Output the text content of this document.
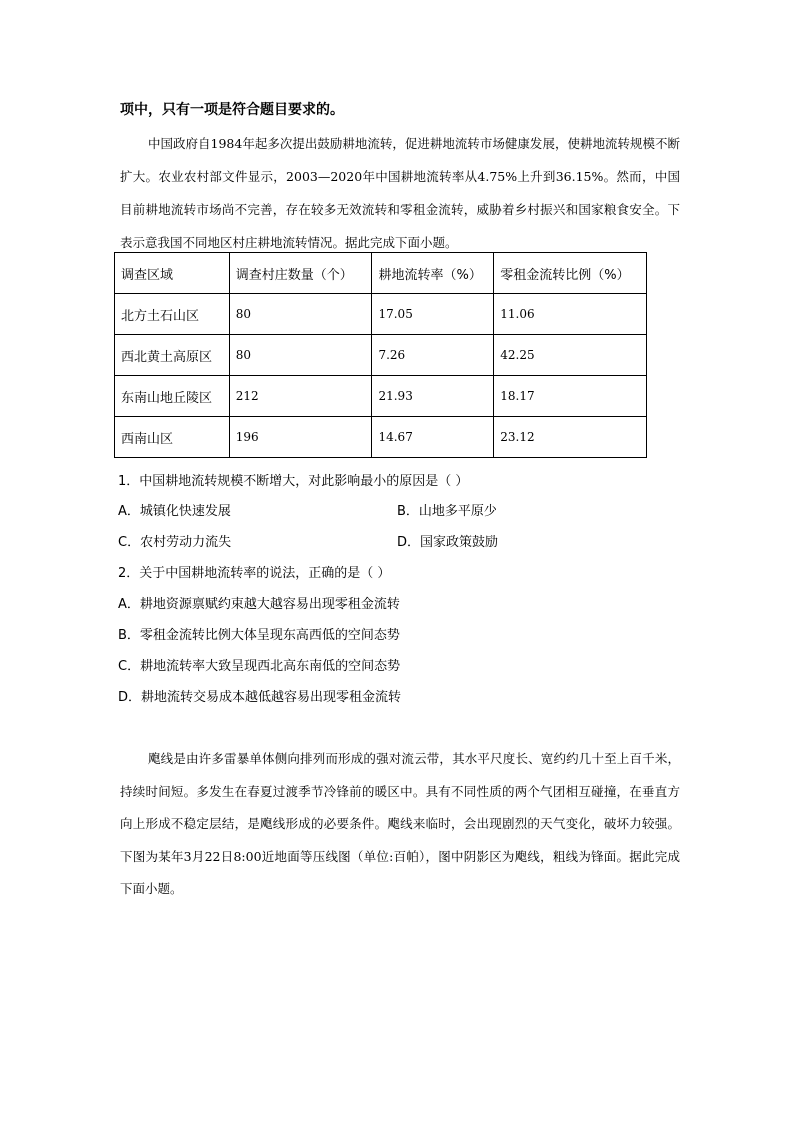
项中，只有一项是符合题目要求的。
中国政府自1984年起多次提出鼓励耕地流转，促进耕地流转市场健康发展，使耕地流转规模不断扩大。农业农村部文件显示，2003—2020年中国耕地流转率从4.75%上升到36.15%。然而，中国目前耕地流转市场尚不完善，存在较多无效流转和零租金流转，威胁着乡村振兴和国家粮食安全。下表示意我国不同地区村庄耕地流转情况。据此完成下面小题。
调查区域	调查村庄数量（个）	耕地流转率（%）	零租金流转比例（%）
北方土石山区	80	17.05	11.06
西北黄土高原区	80	7.26	42.25
东南山地丘陵区	212	21.93	18.17
西南山区	196	14.67	23.12
1．中国耕地流转规模不断增大，对此影响最小的原因是（ ）
A．城镇化快速发展	B．山地多平原少
C．农村劳动力流失	D．国家政策鼓励
2．关于中国耕地流转率的说法，正确的是（ ）
A．耕地资源禀赋约束越大越容易出现零租金流转
B．零租金流转比例大体呈现东高西低的空间态势
C．耕地流转率大致呈现西北高东南低的空间态势
D．耕地流转交易成本越低越容易出现零租金流转
飑线是由许多雷暴单体侧向排列而形成的强对流云带，其水平尺度长、宽约约几十至上百千米，持续时间短。多发生在春夏过渡季节冷锋前的暖区中。具有不同性质的两个气团相互碰撞，在垂直方向上形成不稳定层结，是飑线形成的必要条件。飑线来临时，会出现剧烈的天气变化，破坏力较强。下图为某年3月22日8:00近地面等压线图（单位:百帕），图中阴影区为飑线，粗线为锋面。据此完成下面小题。
